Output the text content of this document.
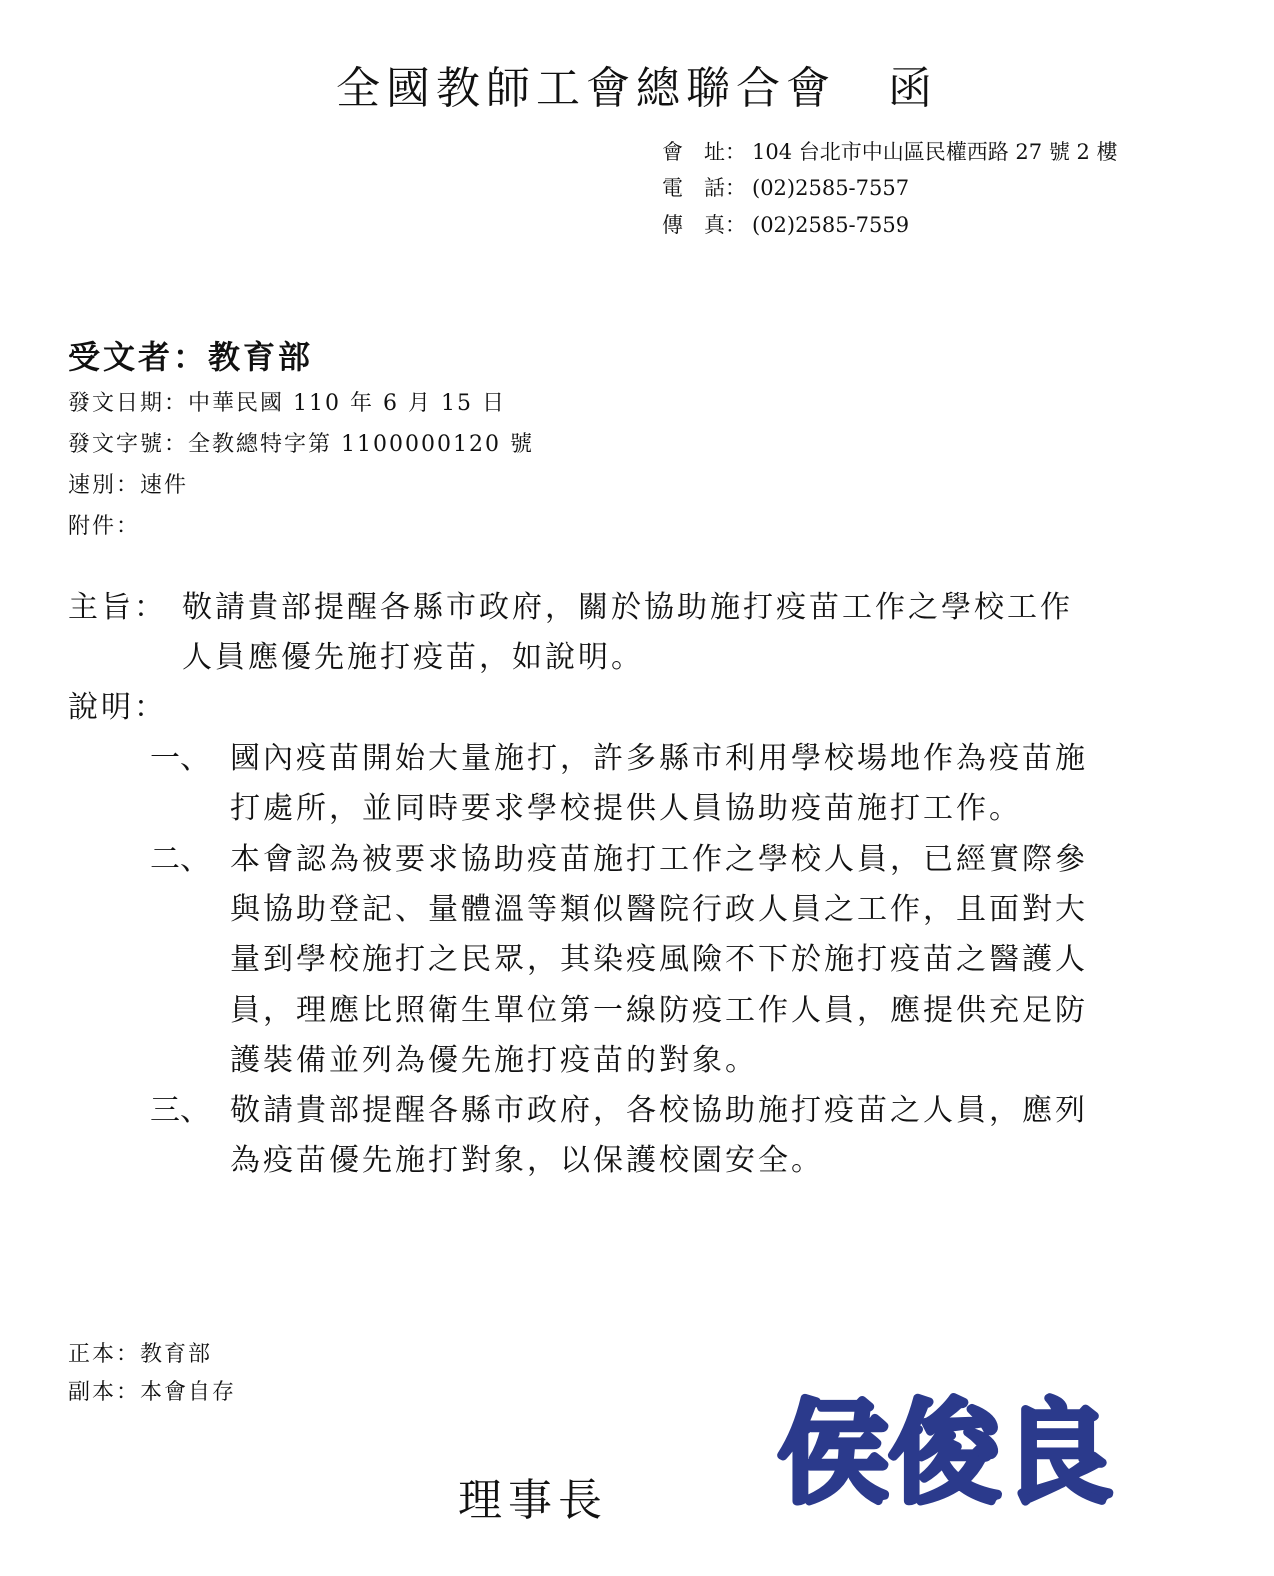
全國教師工會總聯合會 函
會　址： 104 台北市中山區民權西路 27 號 2 樓
電　話： (02)2585-7557
傳　真： (02)2585-7559
受文者：教育部
發文日期：中華民國 110 年 6 月 15 日
發文字號：全教總特字第 1100000120 號
速別：速件
附件：
主旨： 敬請貴部提醒各縣市政府，關於協助施打疫苗工作之學校工作
人員應優先施打疫苗，如說明。
說明：
一、 國內疫苗開始大量施打，許多縣市利用學校場地作為疫苗施
打處所，並同時要求學校提供人員協助疫苗施打工作。
二、 本會認為被要求協助疫苗施打工作之學校人員，已經實際參
與協助登記、量體溫等類似醫院行政人員之工作，且面對大
量到學校施打之民眾，其染疫風險不下於施打疫苗之醫護人
員，理應比照衛生單位第一線防疫工作人員，應提供充足防
護裝備並列為優先施打疫苗的對象。
三、 敬請貴部提醒各縣市政府，各校協助施打疫苗之人員，應列
為疫苗優先施打對象，以保護校園安全。
正本：教育部
副本：本會自存
理事長 侯俊良
